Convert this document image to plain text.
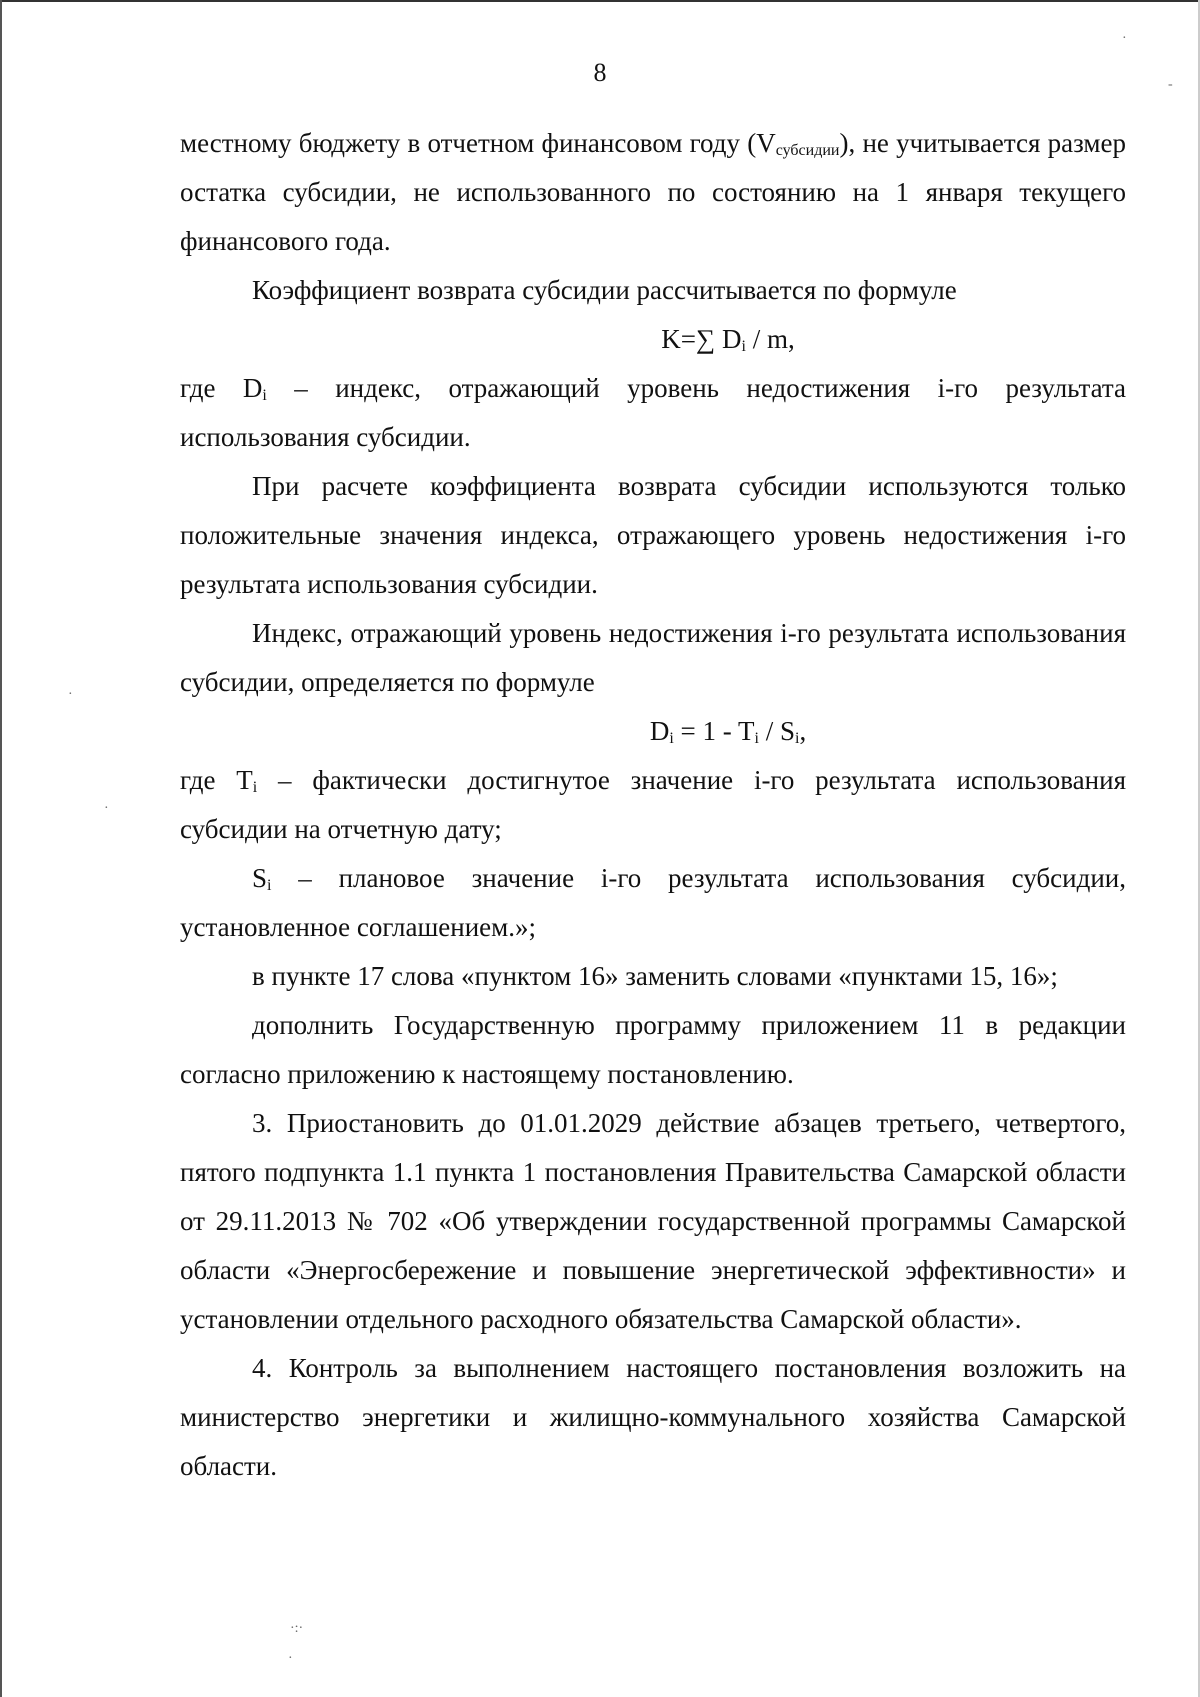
8

местному бюджету в отчетном финансовом году $(V_{субсидии})$, не учитывается размер остатка субсидии, не использованного по состоянию на 1 января текущего финансового года.

Коэффициент возврата субсидии рассчитывается по формуле

K=∑ $D_i$ / m,

где $D_i$ – индекс, отражающий уровень недостижения i-го результата использования субсидии.

При расчете коэффициента возврата субсидии используются только положительные значения индекса, отражающего уровень недостижения i-го результата использования субсидии.

Индекс, отражающий уровень недостижения i-го результата использования субсидии, определяется по формуле

$D_i = 1 - T_i / S_i$,

где $T_i$ – фактически достигнутое значение i-го результата использования субсидии на отчетную дату;

$S_i$ – плановое значение i-го результата использования субсидии, установленное соглашением.»;

в пункте 17 слова «пунктом 16» заменить словами «пунктами 15, 16»;

дополнить Государственную программу приложением 11 в редакции согласно приложению к настоящему постановлению.

3. Приостановить до 01.01.2029 действие абзацев третьего, четвертого, пятого подпункта 1.1 пункта 1 постановления Правительства Самарской области от 29.11.2013 № 702 «Об утверждении государственной программы Самарской области «Энергосбережение и повышение энергетической эффективности» и установлении отдельного расходного обязательства Самарской области».

4. Контроль за выполнением настоящего постановления возложить на министерство энергетики и жилищно-коммунального хозяйства Самарской области.

·
-
·
·
·:·
·
